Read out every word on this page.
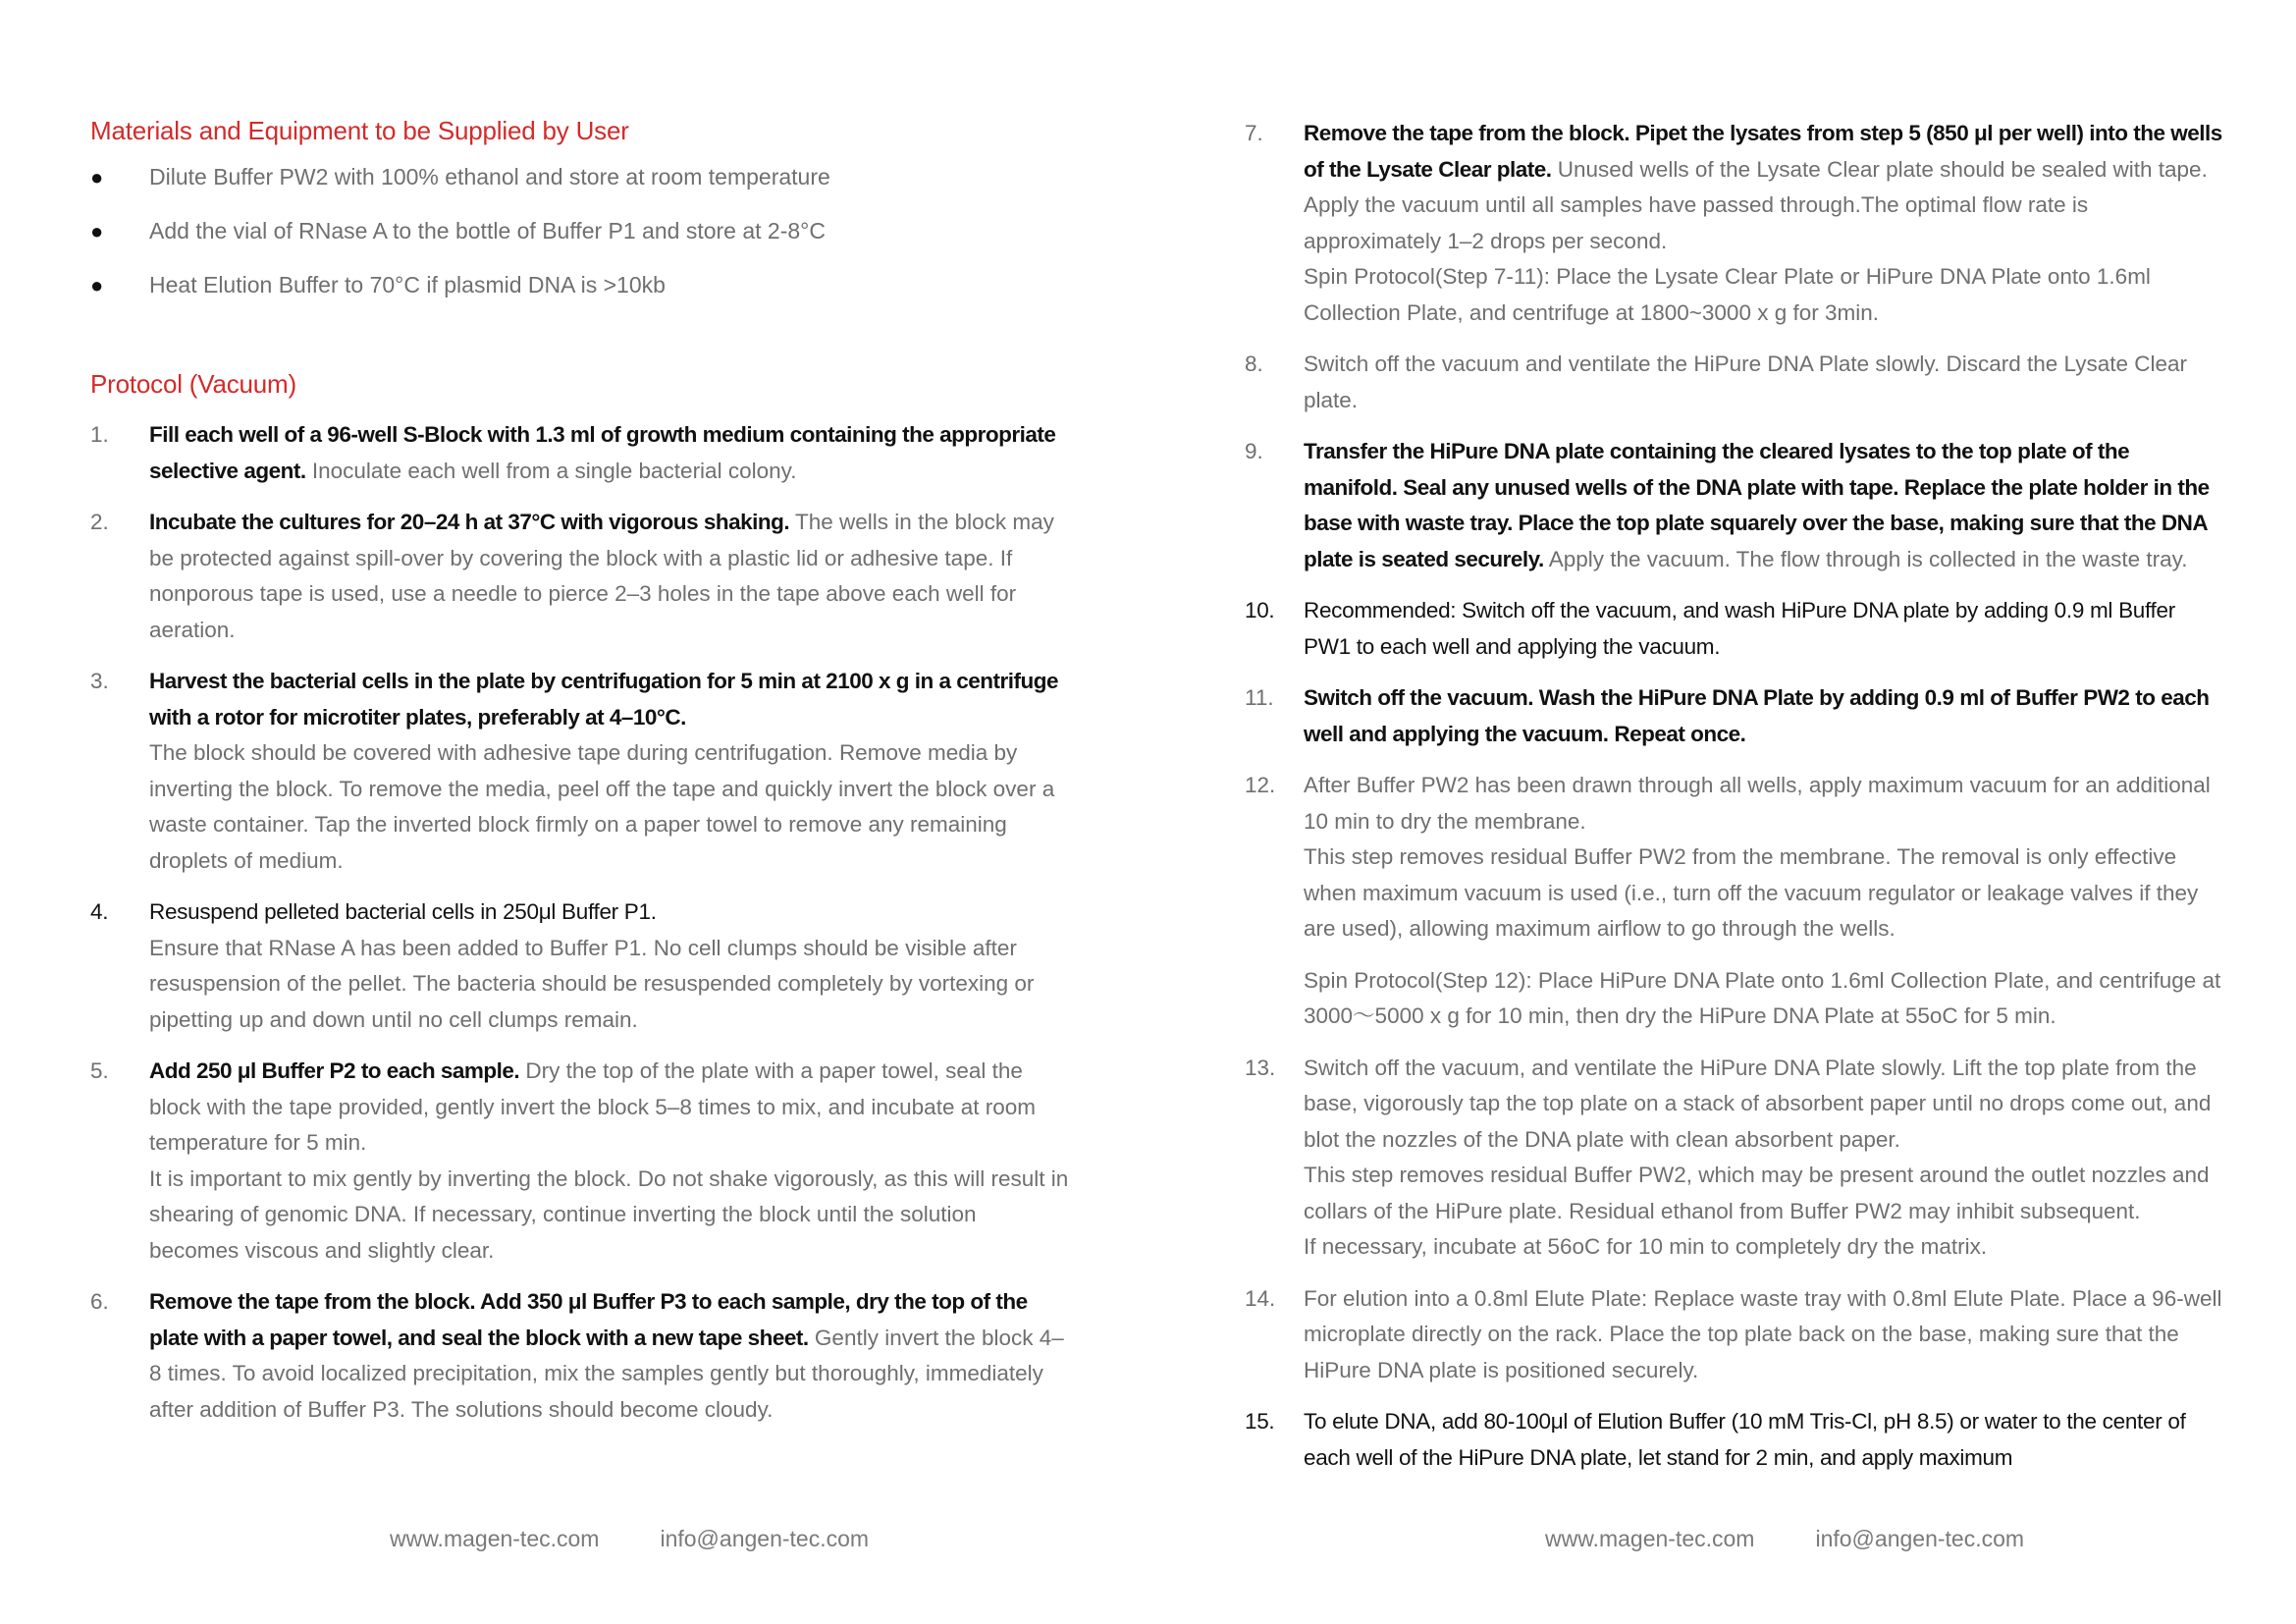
Materials and Equipment to be Supplied by User
●	Dilute Buffer PW2 with 100% ethanol and store at room temperature
●	Add the vial of RNase A to the bottle of Buffer P1 and store at 2-8°C
●	Heat Elution Buffer to 70°C if plasmid DNA is >10kb
Protocol (Vacuum)
1.	Fill each well of a 96-well S-Block with 1.3 ml of growth medium containing the appropriate selective agent. Inoculate each well from a single bacterial colony.
2.	Incubate the cultures for 20–24 h at 37°C with vigorous shaking. The wells in the block may be protected against spill-over by covering the block with a plastic lid or adhesive tape. If nonporous tape is used, use a needle to pierce 2–3 holes in the tape above each well for aeration.
3.	Harvest the bacterial cells in the plate by centrifugation for 5 min at 2100 x g in a centrifuge with a rotor for microtiter plates, preferably at 4–10°C.
The block should be covered with adhesive tape during centrifugation. Remove media by inverting the block. To remove the media, peel off the tape and quickly invert the block over a waste container. Tap the inverted block firmly on a paper towel to remove any remaining droplets of medium.
4.	Resuspend pelleted bacterial cells in 250μl Buffer P1.
Ensure that RNase A has been added to Buffer P1. No cell clumps should be visible after resuspension of the pellet. The bacteria should be resuspended completely by vortexing or pipetting up and down until no cell clumps remain.
5.	Add 250 μl Buffer P2 to each sample. Dry the top of the plate with a paper towel, seal the block with the tape provided, gently invert the block 5–8 times to mix, and incubate at room temperature for 5 min.
It is important to mix gently by inverting the block. Do not shake vigorously, as this will result in shearing of genomic DNA. If necessary, continue inverting the block until the solution becomes viscous and slightly clear.
6.	Remove the tape from the block. Add 350 μl Buffer P3 to each sample, dry the top of the plate with a paper towel, and seal the block with a new tape sheet. Gently invert the block 4–8 times. To avoid localized precipitation, mix the samples gently but thoroughly, immediately after addition of Buffer P3. The solutions should become cloudy.
7.	Remove the tape from the block. Pipet the lysates from step 5 (850 μl per well) into the wells of the Lysate Clear plate. Unused wells of the Lysate Clear plate should be sealed with tape. Apply the vacuum until all samples have passed through.The optimal flow rate is approximately 1–2 drops per second.
Spin Protocol(Step 7-11): Place the Lysate Clear Plate or HiPure DNA Plate onto 1.6ml Collection Plate, and centrifuge at 1800~3000 x g for 3min.
8.	Switch off the vacuum and ventilate the HiPure DNA Plate slowly. Discard the Lysate Clear plate.
9.	Transfer the HiPure DNA plate containing the cleared lysates to the top plate of the manifold. Seal any unused wells of the DNA plate with tape. Replace the plate holder in the base with waste tray. Place the top plate squarely over the base, making sure that the DNA plate is seated securely. Apply the vacuum. The flow through is collected in the waste tray.
10.	Recommended: Switch off the vacuum, and wash HiPure DNA plate by adding 0.9 ml Buffer PW1 to each well and applying the vacuum.
11.	Switch off the vacuum. Wash the HiPure DNA Plate by adding 0.9 ml of Buffer PW2 to each well and applying the vacuum. Repeat once.
12.	After Buffer PW2 has been drawn through all wells, apply maximum vacuum for an additional 10 min to dry the membrane.
This step removes residual Buffer PW2 from the membrane. The removal is only effective when maximum vacuum is used (i.e., turn off the vacuum regulator or leakage valves if they are used), allowing maximum airflow to go through the wells.
Spin Protocol(Step 12): Place HiPure DNA Plate onto 1.6ml Collection Plate, and centrifuge at 3000～5000 x g for 10 min, then dry the HiPure DNA Plate at 55oC for 5 min.
13.	Switch off the vacuum, and ventilate the HiPure DNA Plate slowly. Lift the top plate from the base, vigorously tap the top plate on a stack of absorbent paper until no drops come out, and blot the nozzles of the DNA plate with clean absorbent paper.
This step removes residual Buffer PW2, which may be present around the outlet nozzles and collars of the HiPure plate. Residual ethanol from Buffer PW2 may inhibit subsequent.
If necessary, incubate at 56oC for 10 min to completely dry the matrix.
14.	For elution into a 0.8ml Elute Plate: Replace waste tray with 0.8ml Elute Plate. Place a 96-well microplate directly on the rack. Place the top plate back on the base, making sure that the HiPure DNA plate is positioned securely.
15.	To elute DNA, add 80-100μl of Elution Buffer (10 mM Tris-Cl, pH 8.5) or water to the center of each well of the HiPure DNA plate, let stand for 2 min, and apply maximum
www.magen-tec.com	info@angen-tec.com	www.magen-tec.com	info@angen-tec.com
